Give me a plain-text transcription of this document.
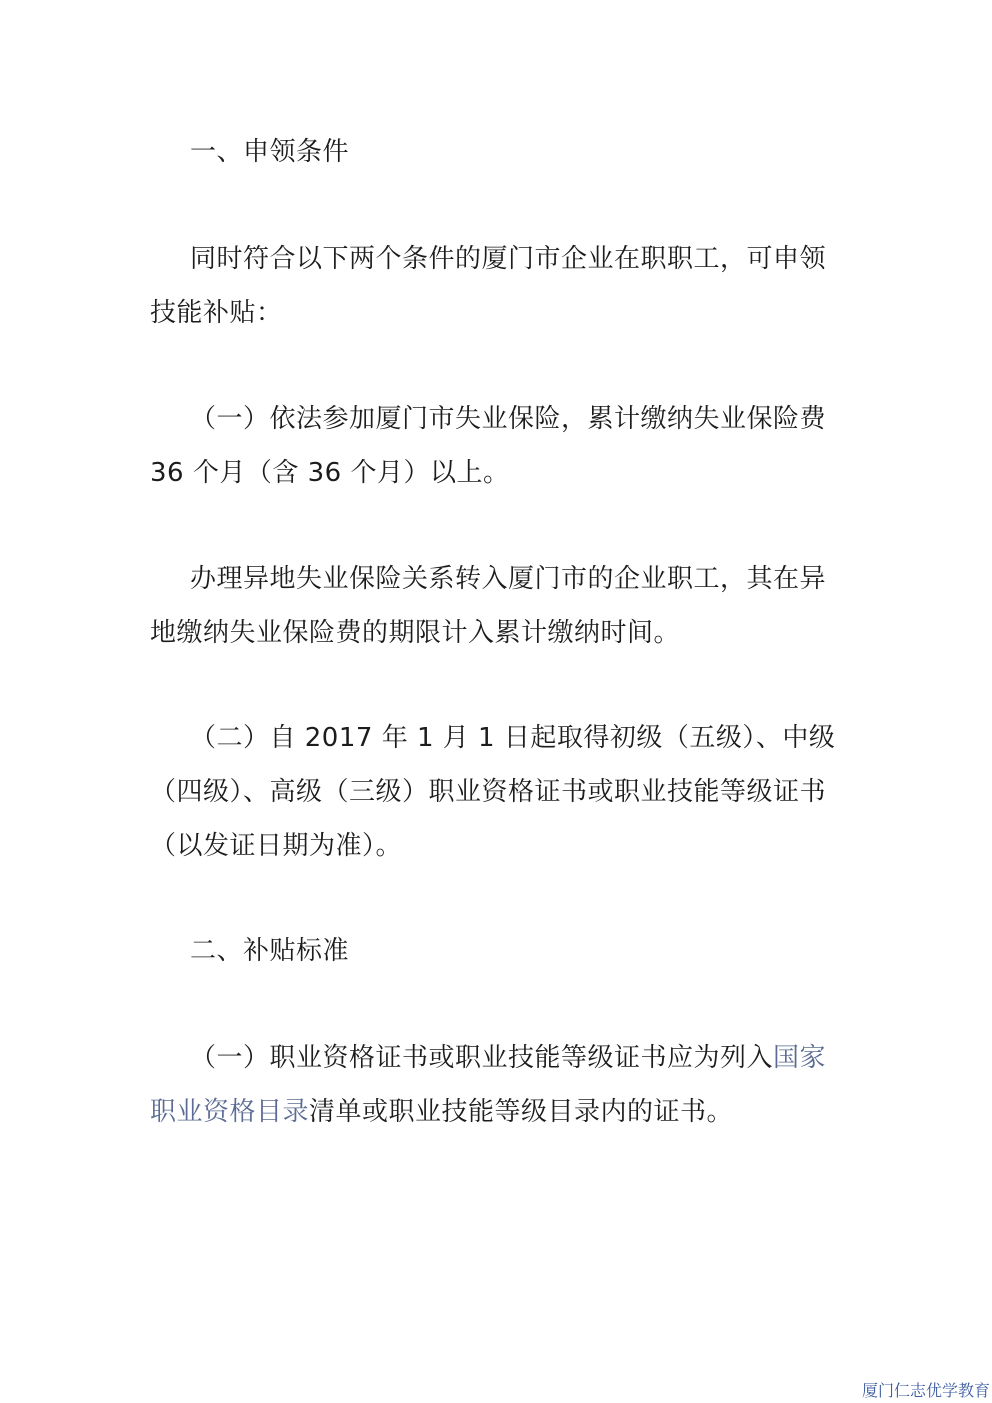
一、申领条件

同时符合以下两个条件的厦门市企业在职职工，可申领
技能补贴：

（一）依法参加厦门市失业保险，累计缴纳失业保险费
36 个月（含 36 个月）以上。

办理异地失业保险关系转入厦门市的企业职工，其在异
地缴纳失业保险费的期限计入累计缴纳时间。

（二）自 2017 年 1 月 1 日起取得初级（五级）、中级
（四级）、高级（三级）职业资格证书或职业技能等级证书
（以发证日期为准）。

二、补贴标准

（一）职业资格证书或职业技能等级证书应为列入国家
职业资格目录清单或职业技能等级目录内的证书。

厦门仁志优学教育
